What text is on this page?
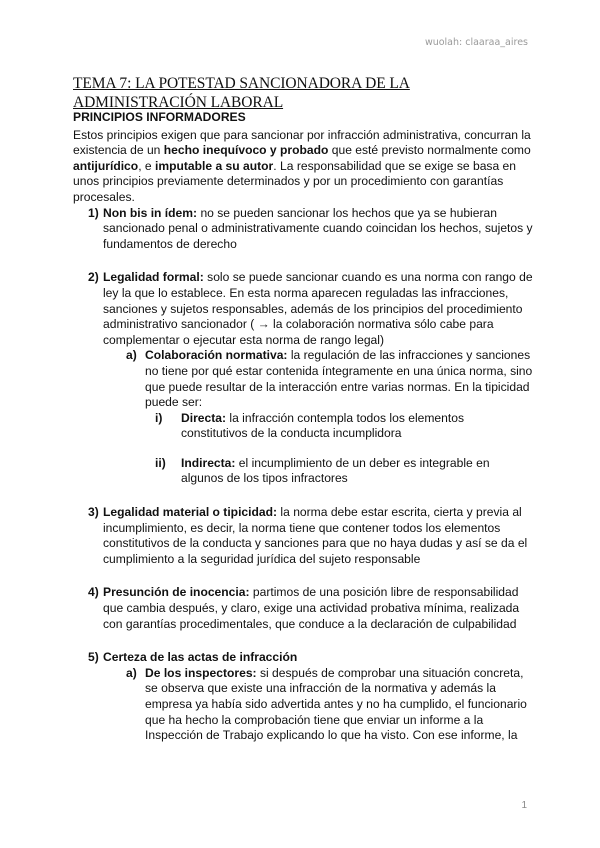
wuolah: claaraa_aires
TEMA 7: LA POTESTAD SANCIONADORA DE LA ADMINISTRACIÓN LABORAL
PRINCIPIOS INFORMADORES

Estos principios exigen que para sancionar por infracción administrativa, concurran la existencia de un hecho inequívoco y probado que esté previsto normalmente como antijurídico, e imputable a su autor. La responsabilidad que se exige se basa en unos principios previamente determinados y por un procedimiento con garantías procesales.

1) Non bis in ídem: no se pueden sancionar los hechos que ya se hubieran sancionado penal o administrativamente cuando coincidan los hechos, sujetos y fundamentos de derecho
2) Legalidad formal: solo se puede sancionar cuando es una norma con rango de ley la que lo establece. En esta norma aparecen reguladas las infracciones, sanciones y sujetos responsables, además de los principios del procedimiento administrativo sancionador ( → la colaboración normativa sólo cabe para complementar o ejecutar esta norma de rango legal)
a) Colaboración normativa: la regulación de las infracciones y sanciones no tiene por qué estar contenida íntegramente en una única norma, sino que puede resultar de la interacción entre varias normas. En la tipicidad puede ser:
i) Directa: la infracción contempla todos los elementos constitutivos de la conducta incumplidora
ii) Indirecta: el incumplimiento de un deber es integrable en algunos de los tipos infractores
3) Legalidad material o tipicidad: la norma debe estar escrita, cierta y previa al incumplimiento, es decir, la norma tiene que contener todos los elementos constitutivos de la conducta y sanciones para que no haya dudas y así se da el cumplimiento a la seguridad jurídica del sujeto responsable
4) Presunción de inocencia: partimos de una posición libre de responsabilidad que cambia después, y claro, exige una actividad probativa mínima, realizada con garantías procedimentales, que conduce a la declaración de culpabilidad
5) Certeza de las actas de infracción
a) De los inspectores: si después de comprobar una situación concreta, se observa que existe una infracción de la normativa y además la empresa ya había sido advertida antes y no ha cumplido, el funcionario que ha hecho la comprobación tiene que enviar un informe a la Inspección de Trabajo explicando lo que ha visto. Con ese informe, la
1
